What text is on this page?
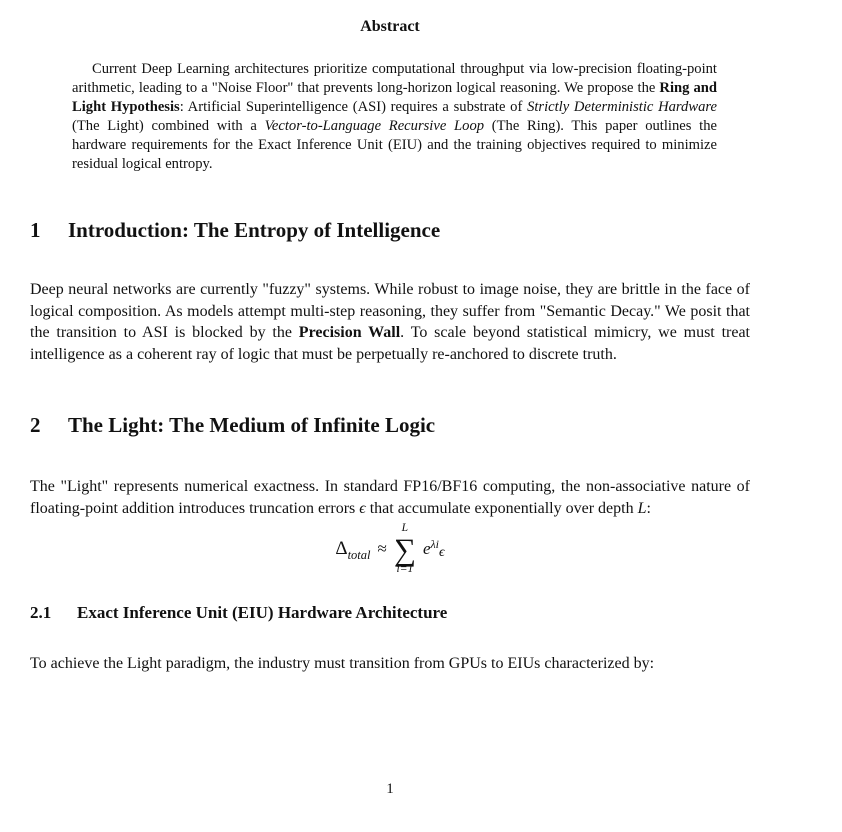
Abstract

Current Deep Learning architectures prioritize computational throughput via low-precision floating-point arithmetic, leading to a "Noise Floor" that prevents long-horizon logical reasoning. We propose the Ring and Light Hypothesis: Artificial Superintelligence (ASI) requires a substrate of Strictly Deterministic Hardware (The Light) combined with a Vector-to-Language Recursive Loop (The Ring). This paper outlines the hardware requirements for the Exact Inference Unit (EIU) and the training objectives required to minimize residual logical entropy.

1	Introduction: The Entropy of Intelligence

Deep neural networks are currently "fuzzy" systems. While robust to image noise, they are brittle in the face of logical composition. As models attempt multi-step reasoning, they suffer from "Semantic Decay." We posit that the transition to ASI is blocked by the Precision Wall. To scale beyond statistical mimicry, we must treat intelligence as a coherent ray of logic that must be perpetually re-anchored to discrete truth.

2	The Light: The Medium of Infinite Logic

The "Light" represents numerical exactness. In standard FP16/BF16 computing, the non-associative nature of floating-point addition introduces truncation errors ϵ that accumulate exponentially over depth L:

Δ total ≈
L
∑
i=1
e λi
ϵ
2.1	Exact Inference Unit (EIU) Hardware Architecture

To achieve the Light paradigm, the industry must transition from GPUs to EIUs characterized by:

1
